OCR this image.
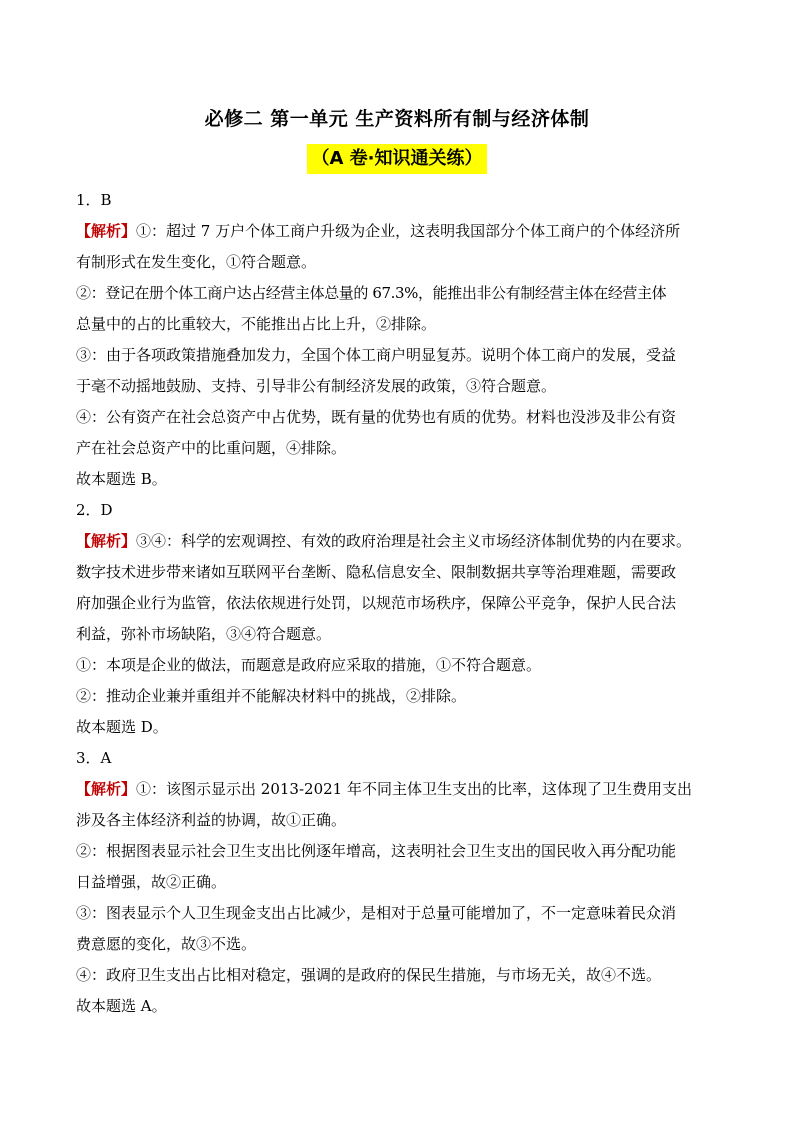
必修二 第一单元 生产资料所有制与经济体制
（A 卷·知识通关练）
1．B
【解析】①：超过 7 万户个体工商户升级为企业，这表明我国部分个体工商户的个体经济所
有制形式在发生变化，①符合题意。
②：登记在册个体工商户达占经营主体总量的 67.3%，能推出非公有制经营主体在经营主体
总量中的占的比重较大，不能推出占比上升，②排除。
③：由于各项政策措施叠加发力，全国个体工商户明显复苏。说明个体工商户的发展，受益
于毫不动摇地鼓励、支持、引导非公有制经济发展的政策，③符合题意。
④：公有资产在社会总资产中占优势，既有量的优势也有质的优势。材料也没涉及非公有资
产在社会总资产中的比重问题，④排除。
故本题选 B。
2．D
【解析】③④：科学的宏观调控、有效的政府治理是社会主义市场经济体制优势的内在要求。
数字技术进步带来诸如互联网平台垄断、隐私信息安全、限制数据共享等治理难题，需要政
府加强企业行为监管，依法依规进行处罚，以规范市场秩序，保障公平竞争，保护人民合法
利益，弥补市场缺陷，③④符合题意。
①：本项是企业的做法，而题意是政府应采取的措施，①不符合题意。
②：推动企业兼并重组并不能解决材料中的挑战，②排除。
故本题选 D。
3．A
【解析】①：该图示显示出 2013-2021 年不同主体卫生支出的比率，这体现了卫生费用支出
涉及各主体经济利益的协调，故①正确。
②：根据图表显示社会卫生支出比例逐年增高，这表明社会卫生支出的国民收入再分配功能
日益增强，故②正确。
③：图表显示个人卫生现金支出占比减少，是相对于总量可能增加了，不一定意味着民众消
费意愿的变化，故③不选。
④：政府卫生支出占比相对稳定，强调的是政府的保民生措施，与市场无关，故④不选。
故本题选 A。
